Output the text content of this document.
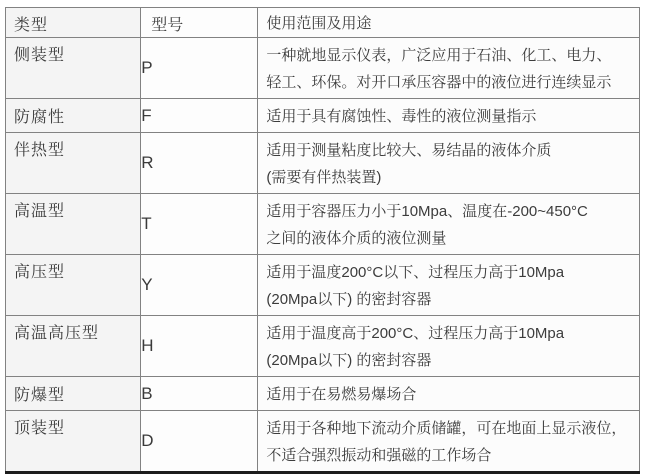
类型	型号	使用范围及用途
侧装型	P	一种就地显示仪表，广泛应用于石油、化工、电力、
轻工、环保。对开口承压容器中的液位进行连续显示

防腐性	F	适用于具有腐蚀性、毒性的液位测量指示

伴热型	R	适用于测量粘度比较大、易结晶的液体介质
(需要有伴热装置)

高温型	T	适用于容器压力小于10Mpa、温度在-200~450°C
之间的液体介质的液位测量

高压型	Y	适用于温度200°C以下、过程压力高于10Mpa
(20Mpa以下) 的密封容器

高温高压型	H	适用于温度高于200°C、过程压力高于10Mpa
(20Mpa以下) 的密封容器

防爆型	B	适用于在易燃易爆场合

顶装型	D	适用于各种地下流动介质储罐，可在地面上显示液位，
不适合强烈振动和强磁的工作场合
